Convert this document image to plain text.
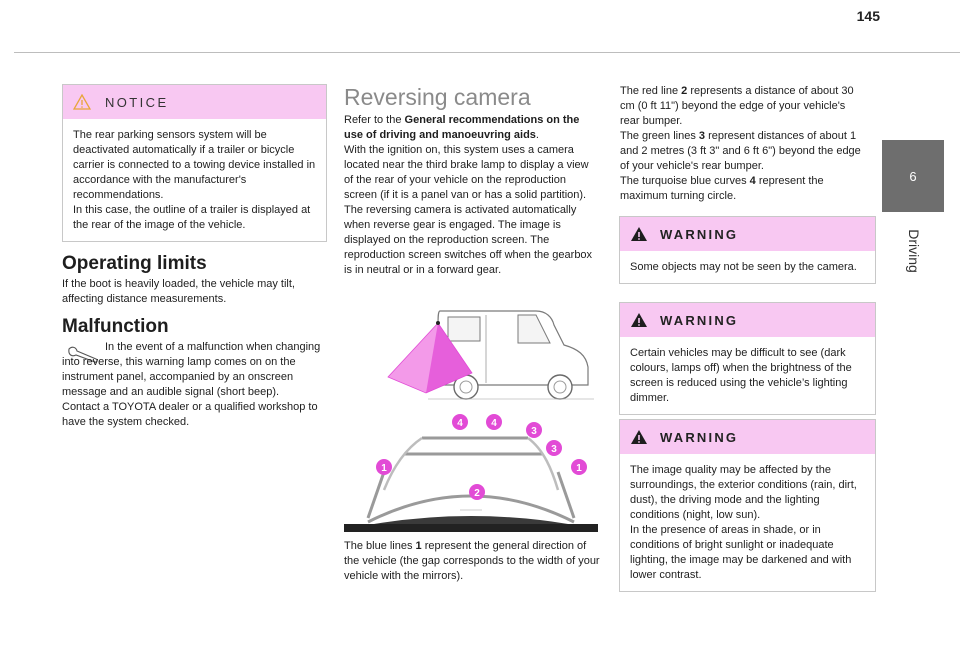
145
6
Driving
NOTICE
The rear parking sensors system will be deactivated automatically if a trailer or bicycle carrier is connected to a towing device installed in accordance with the manufacturer's recommendations.
In this case, the outline of a trailer is displayed at the rear of the image of the vehicle.
Operating limits
If the boot is heavily loaded, the vehicle may tilt, affecting distance measurements.
Malfunction
In the event of a malfunction when changing into reverse, this warning lamp comes on on the instrument panel, accompanied by an onscreen message and an audible signal (short beep).
Contact a TOYOTA dealer or a qualified workshop to have the system checked.
Reversing camera
Refer to the General recommendations on the use of driving and manoeuvring aids.
With the ignition on, this system uses a camera located near the third brake lamp to display a view of the rear of your vehicle on the reproduction screen (if it is a panel van or has a solid partition).
The reversing camera is activated automatically when reverse gear is engaged. The image is displayed on the reproduction screen. The reproduction screen switches off when the gearbox is in neutral or in a forward gear.
1	1
2
3
3
4	4
The blue lines 1 represent the general direction of the vehicle (the gap corresponds to the width of your vehicle with the mirrors).
The red line 2 represents a distance of about 30 cm (0 ft 11") beyond the edge of your vehicle's rear bumper.
The green lines 3 represent distances of about 1 and 2 metres (3 ft 3" and 6 ft 6") beyond the edge of your vehicle's rear bumper.
The turquoise blue curves 4 represent the maximum turning circle.
WARNING
Some objects may not be seen by the camera.
WARNING
Certain vehicles may be difficult to see (dark colours, lamps off) when the brightness of the screen is reduced using the vehicle’s lighting dimmer.
WARNING
The image quality may be affected by the surroundings, the exterior conditions (rain, dirt, dust), the driving mode and the lighting conditions (night, low sun).
In the presence of areas in shade, or in conditions of bright sunlight or inadequate lighting, the image may be darkened and with lower contrast.
